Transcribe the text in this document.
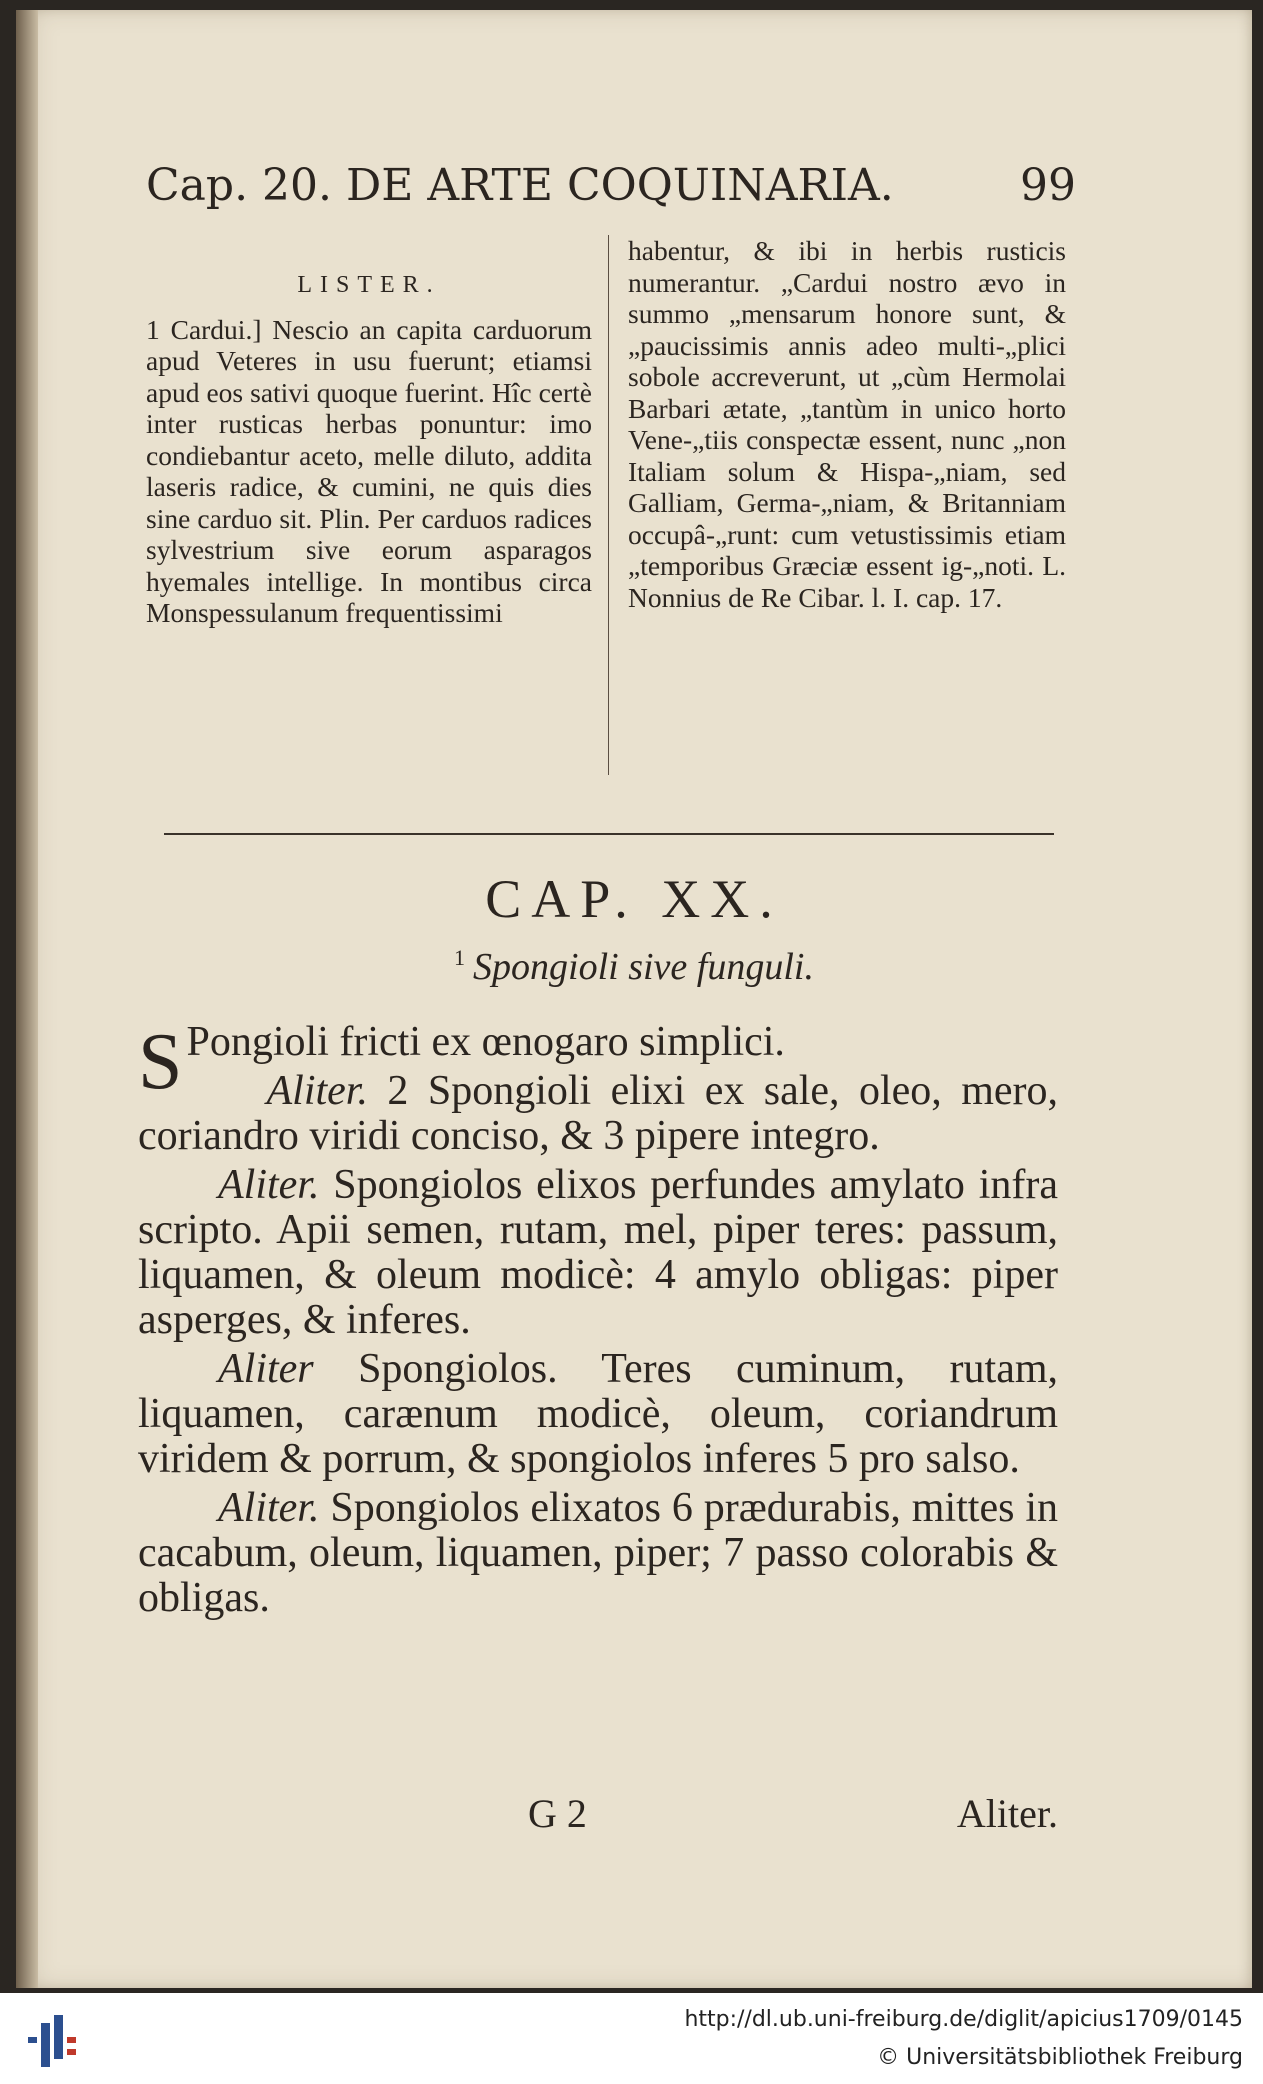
Cap. 20. DE ARTE COQUINARIA.	99
LISTER.

1 Cardui.] Nescio an capita carduorum apud Veteres in usu fuerunt; etiamsi apud eos sativi quoque fuerint. Hîc certè inter rusticas herbas ponuntur: imo condiebantur aceto, melle diluto, addita laseris radice, & cumini, ne quis dies sine carduo sit. Plin. Per carduos radices sylvestrium sive eorum asparagos hyemales intellige. In montibus circa Monspessulanum frequentissimi

habentur, & ibi in herbis rusticis numerantur. „Cardui nostro ævo in summo „mensarum honore sunt, & „paucissimis annis adeo multi-„plici sobole accreverunt, ut „cùm Hermolai Barbari ætate, „tantùm in unico horto Vene-„tiis conspectæ essent, nunc „non Italiam solum & Hispa-„niam, sed Galliam, Germa-„niam, & Britanniam occupâ-„runt: cum vetustissimis etiam „temporibus Græciæ essent ig-„noti. L. Nonnius de Re Cibar. l. I. cap. 17.

CAP. XX.
$^1$ Spongioli sive funguli.

S Pongioli fricti ex œnogaro simplici.

Aliter. 2 Spongioli elixi ex sale, oleo, mero, coriandro viridi conciso, & 3 pipere integro.

Aliter. Spongiolos elixos perfundes amylato infra scripto. Apii semen, rutam, mel, piper teres: passum, liquamen, & oleum modicè: 4 amylo obligas: piper asperges, & inferes.

Aliter Spongiolos. Teres cuminum, rutam, liquamen, carænum modicè, oleum, coriandrum viridem & porrum, & spongiolos inferes 5 pro salso.

Aliter. Spongiolos elixatos 6 prædurabis, mittes in cacabum, oleum, liquamen, piper; 7 passo colorabis & obligas.

G 2	Aliter.
http://dl.ub.uni-freiburg.de/diglit/apicius1709/0145
© Universitätsbibliothek Freiburg
